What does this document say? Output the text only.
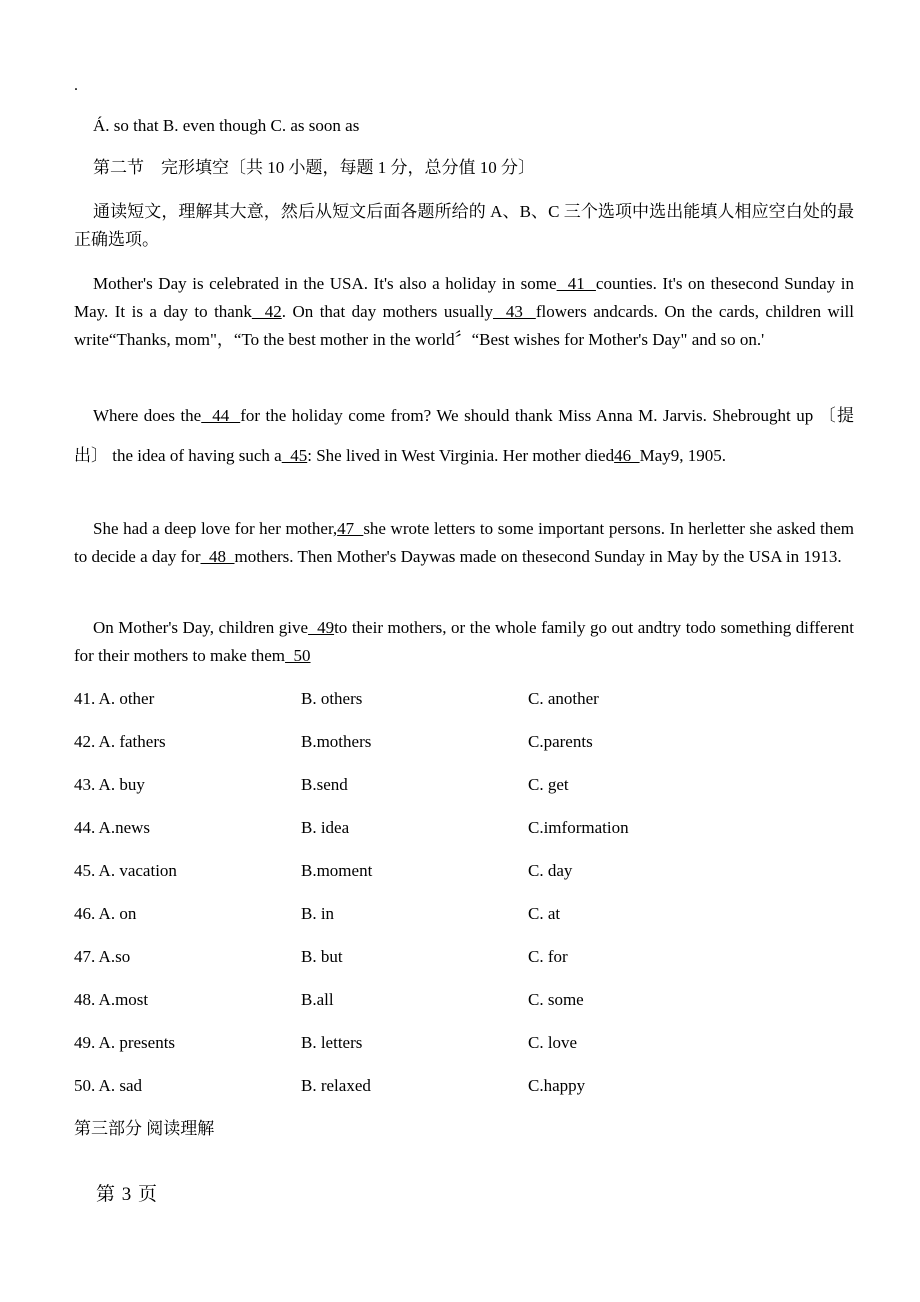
.
Á. so that B. even though C. as soon as
第二节　完形填空〔共 10 小题，每题 1 分，总分值 10 分〕
通读短文，理解其大意，然后从短文后面各题所给的 A、B、C 三个选项中选出能填人相应空白处的最正确选项。
Mother's Day is celebrated in the USA. It's also a holiday in some  41  counties. It's on thesecond Sunday in May. It is a day to thank  42. On that day mothers usually  43  flowers andcards. On the cards, children will write“Thanks, mom"，“To the best mother in the world〞“Best wishes for Mother's Day" and so on.'
Where does the  44  for the holiday come from? We should thank Miss Anna M. Jarvis. Shebrought up 〔提出〕 the idea of having such a  45: She lived in West Virginia. Her mother died46  May9, 1905.
She had a deep love for her mother,47  she wrote letters to some important persons. In herletter she asked them to decide a day for  48  mothers. Then Mother's Daywas made on thesecond Sunday in May by the USA in 1913.
On Mother's Day, children give  49to their mothers, or the whole family go out andtry todo something different for their mothers to make them  50
41. A. other	B. others	C. another
42. A. fathers	B.mothers	C.parents
43. A. buy	B.send	C. get
44. A.news	B. idea	C.imformation
45. A. vacation	B.moment	C. day
46. A. on	B. in	C. at
47. A.so	B. but	C. for
48. A.most	B.all	C. some
49. A. presents	B. letters	C. love
50. A. sad	B. relaxed	C.happy
第三部分 阅读理解
第 3 页
